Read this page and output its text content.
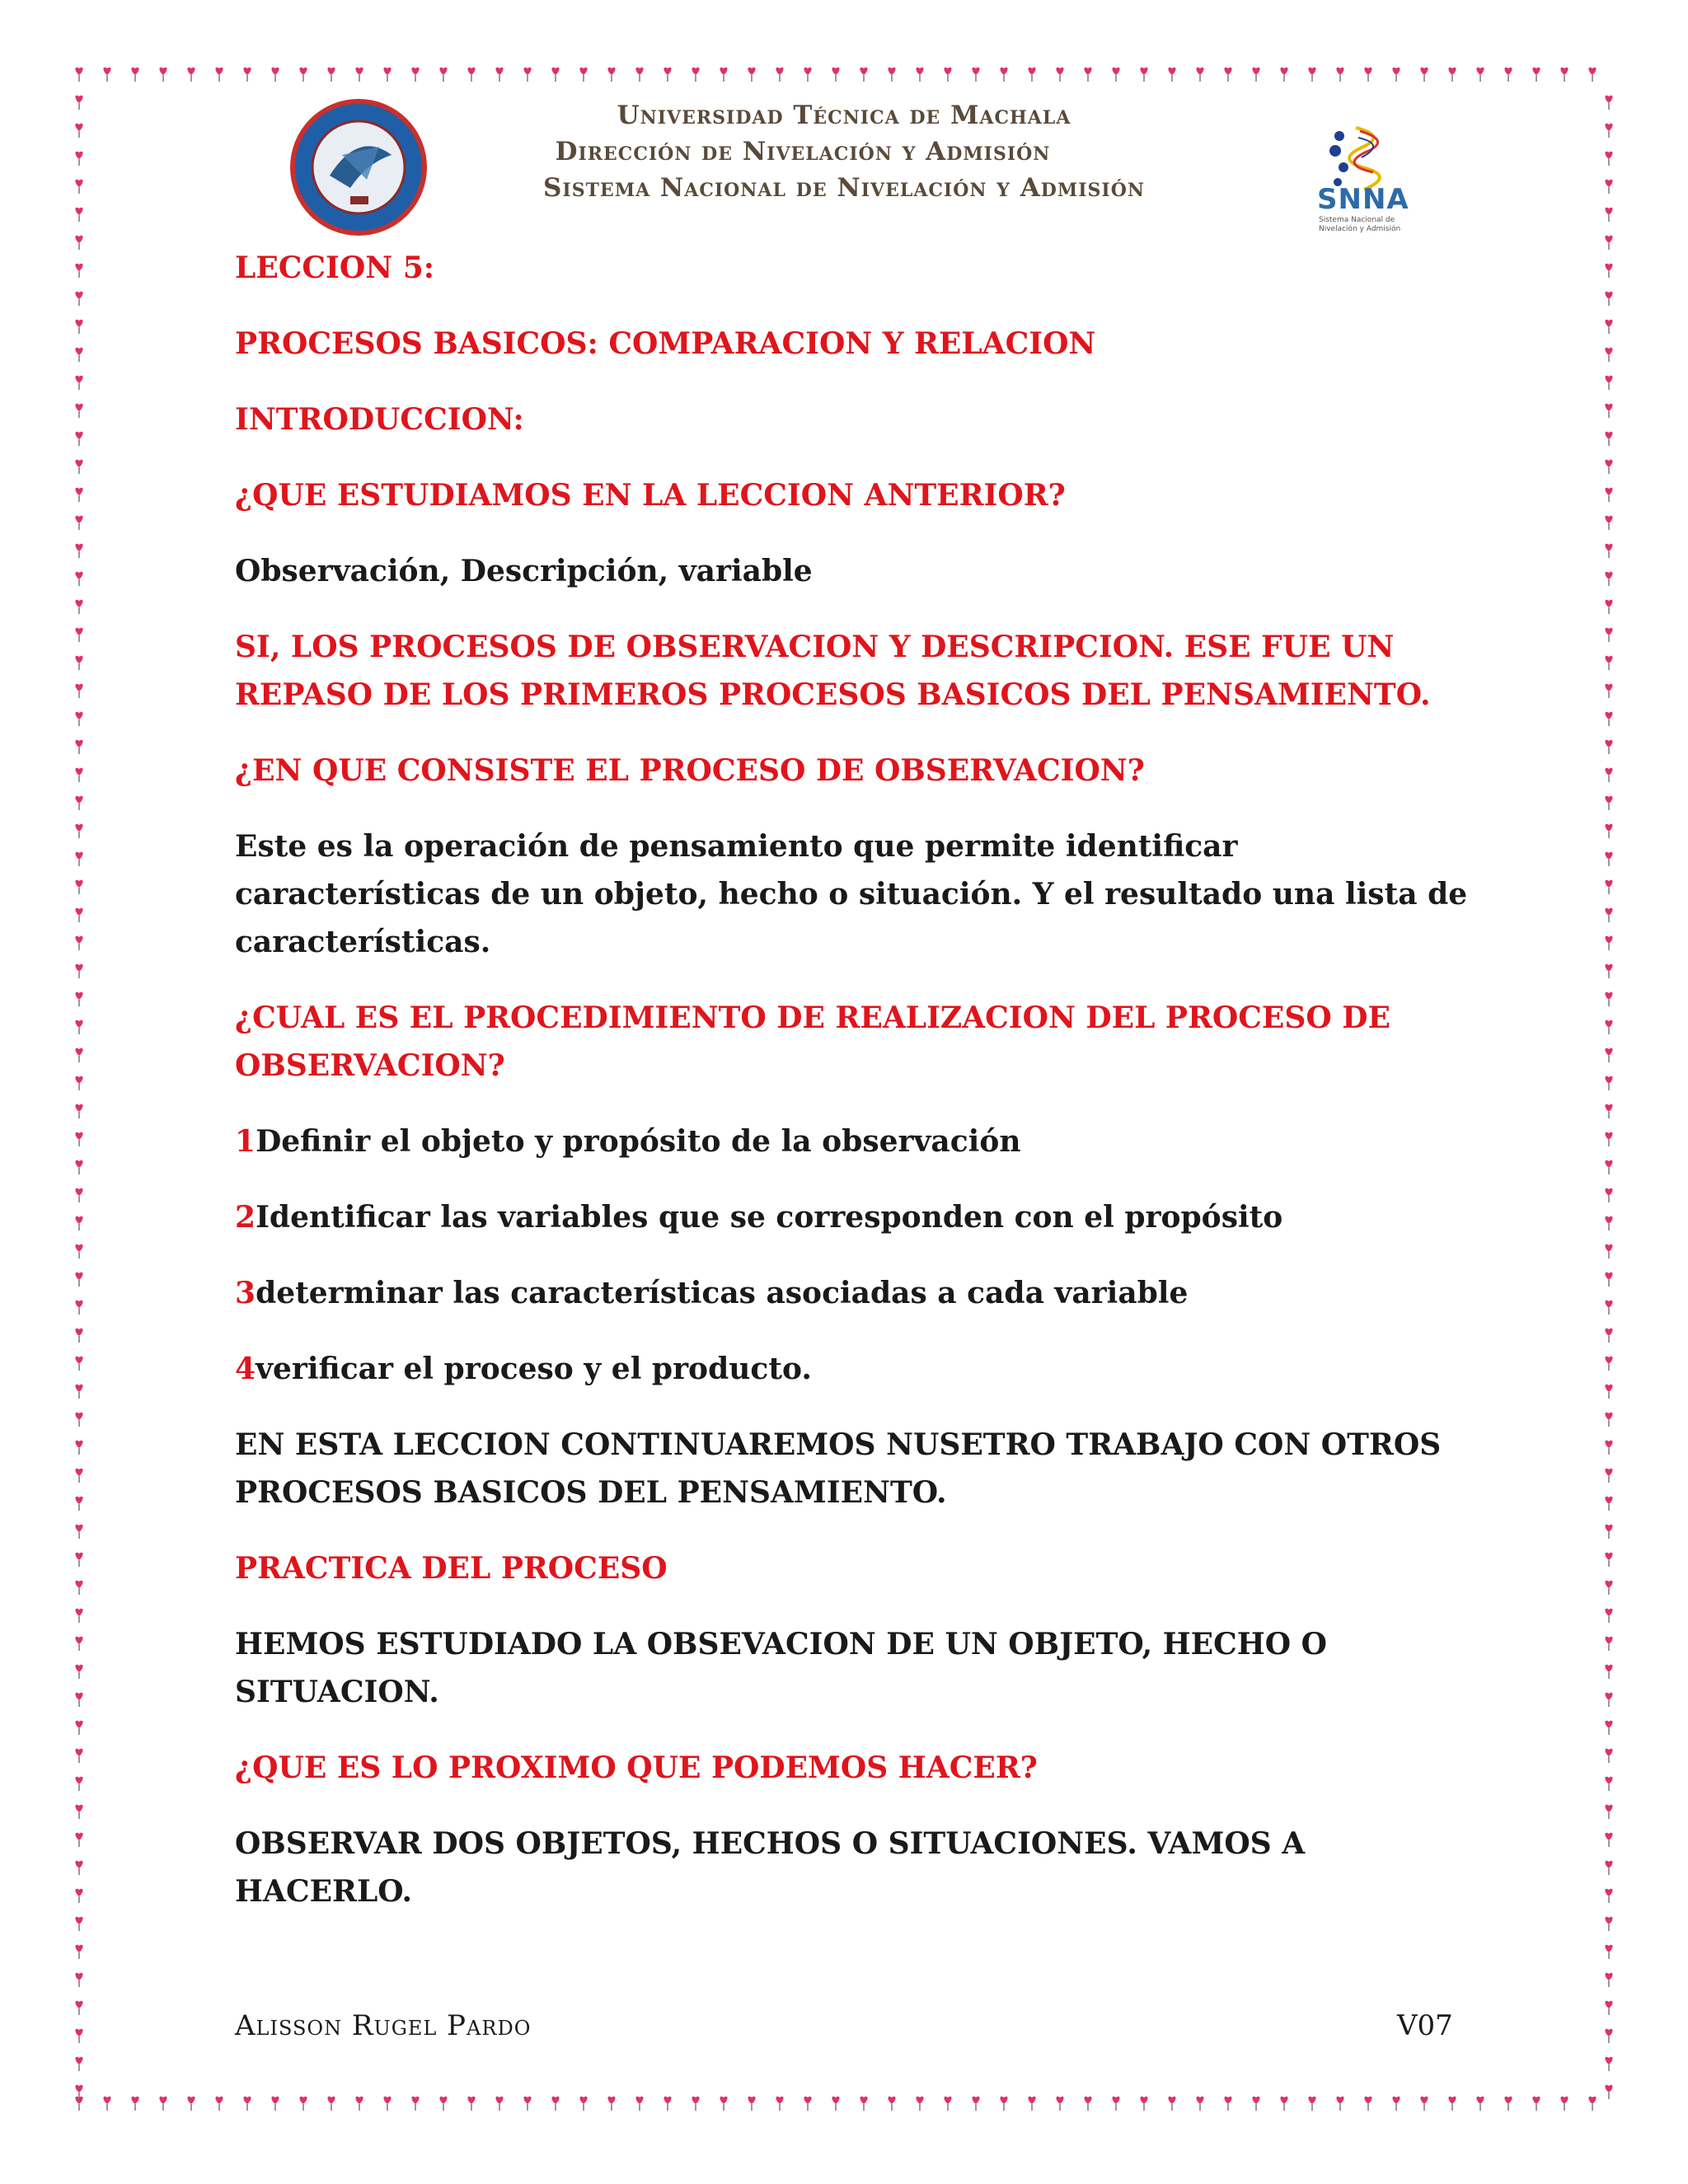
SNNA
Sistema Nacional de Nivelación y Admisión
Universidad Técnica de Machala
Dirección de Nivelación y Admisión
Sistema Nacional de Nivelación y Admisión

LECCION 5:

PROCESOS BASICOS: COMPARACION Y RELACION

INTRODUCCION:

¿QUE ESTUDIAMOS EN LA LECCION ANTERIOR?

Observación, Descripción, variable

SI, LOS PROCESOS DE OBSERVACION Y DESCRIPCION. ESE FUE UN REPASO DE LOS PRIMEROS PROCESOS BASICOS DEL PENSAMIENTO.

¿EN QUE CONSISTE EL PROCESO DE OBSERVACION?

Este es la operación de pensamiento que permite identificar características de un objeto, hecho o situación. Y el resultado una lista de características.

¿CUAL ES EL PROCEDIMIENTO DE REALIZACION DEL PROCESO DE OBSERVACION?

1Definir el objeto y propósito de la observación

2Identificar las variables que se corresponden con el propósito

3determinar las características asociadas a cada variable

4verificar el proceso y el producto.

EN ESTA LECCION CONTINUAREMOS NUSETRO TRABAJO CON OTROS PROCESOS BASICOS DEL PENSAMIENTO.

PRACTICA DEL PROCESO

HEMOS ESTUDIADO LA OBSEVACION DE UN OBJETO, HECHO O SITUACION.

¿QUE ES LO PROXIMO QUE PODEMOS HACER?

OBSERVAR DOS OBJETOS, HECHOS O SITUACIONES. VAMOS A HACERLO.

Alisson Rugel Pardo	V07
